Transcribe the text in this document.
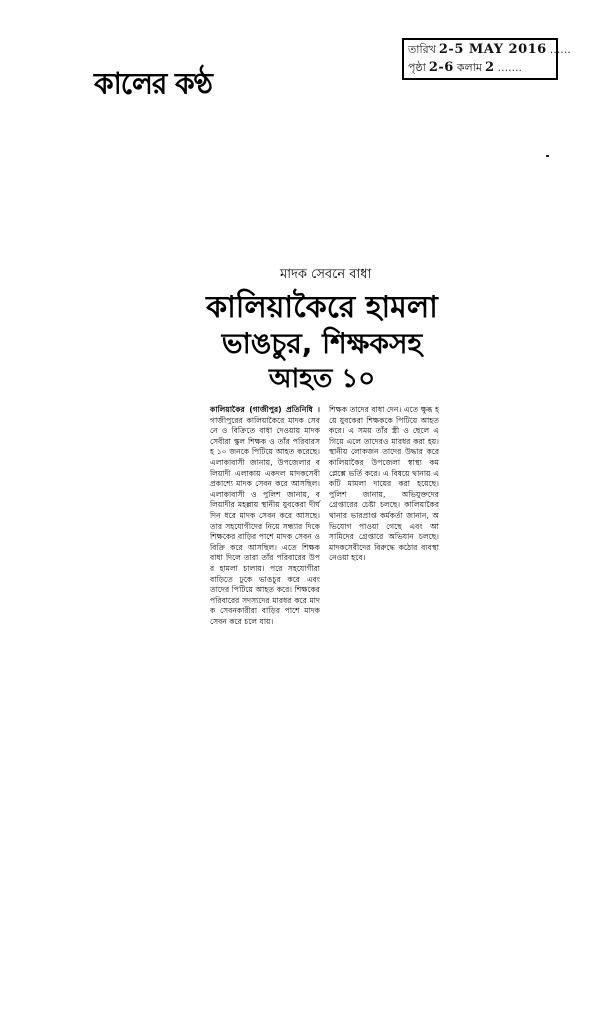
কালের কণ্ঠ
তারিখ 2-5 MAY 2016 ......
পৃষ্ঠা 2-6 কলাম 2 .......
মাদক সেবনে বাধা
কালিয়াকৈরে হামলা
ভাঙচুর, শিক্ষকসহ
আহত ১০

কালিয়াকৈর (গাজীপুর) প্রতিনিধি । গাজীপুরের কালিয়াকৈরে মাদক সেবনে ও বিক্রিতে বাধা দেওয়ায় মাদকসেবীরা স্কুল শিক্ষক ও তাঁর পরিবারসহ ১০ জনকে পিটিয়ে আহত করেছে। এলাকাবাসী জানায়, উপজেলার বলিয়াদী এলাকায় একদল মাদকসেবী প্রকাশ্যে মাদক সেবন করে আসছিল। এলাকাবাসী ও পুলিশ জানায়, বলিয়াদীর মহল্লায় স্থানীয় যুবকেরা দীর্ঘদিন ধরে মাদক সেবন করে আসছে। তার সহযোগীদের নিয়ে সন্ধ্যার দিকে শিক্ষকের বাড়ির পাশে মাদক সেবন ও বিক্রি করে আসছিল। এতে শিক্ষক বাধা দিলে তারা তাঁর পরিবারের উপর হামলা চালায়। পরে সহযোগীরা বাড়িতে ঢুকে ভাঙচুর করে এবং তাদের পিটিয়ে আহত করে। শিক্ষকের পরিবারের সদস্যদের মারধর করে মাদক সেবনকারীরা বাড়ির পাশে মাদক সেবন করে চলে যায়।

শিক্ষক তাদের বাধা দেন। এতে ক্ষুব্ধ হয়ে যুবকেরা শিক্ষককে পিটিয়ে আহত করে। এ সময় তাঁর স্ত্রী ও ছেলে এগিয়ে এলে তাদেরও মারধর করা হয়। স্থানীয় লোকজন তাদের উদ্ধার করে কালিয়াকৈর উপজেলা স্বাস্থ্য কমপ্লেক্সে ভর্তি করে। এ বিষয়ে থানায় একটি মামলা দায়ের করা হয়েছে। পুলিশ জানায়, অভিযুক্তদের গ্রেপ্তারের চেষ্টা চলছে। কালিয়াকৈর থানার ভারপ্রাপ্ত কর্মকর্তা জানান, অভিযোগ পাওয়া গেছে এবং আসামিদের গ্রেপ্তারে অভিযান চলছে। মাদকসেবীদের বিরুদ্ধে কঠোর ব্যবস্থা নেওয়া হবে।
